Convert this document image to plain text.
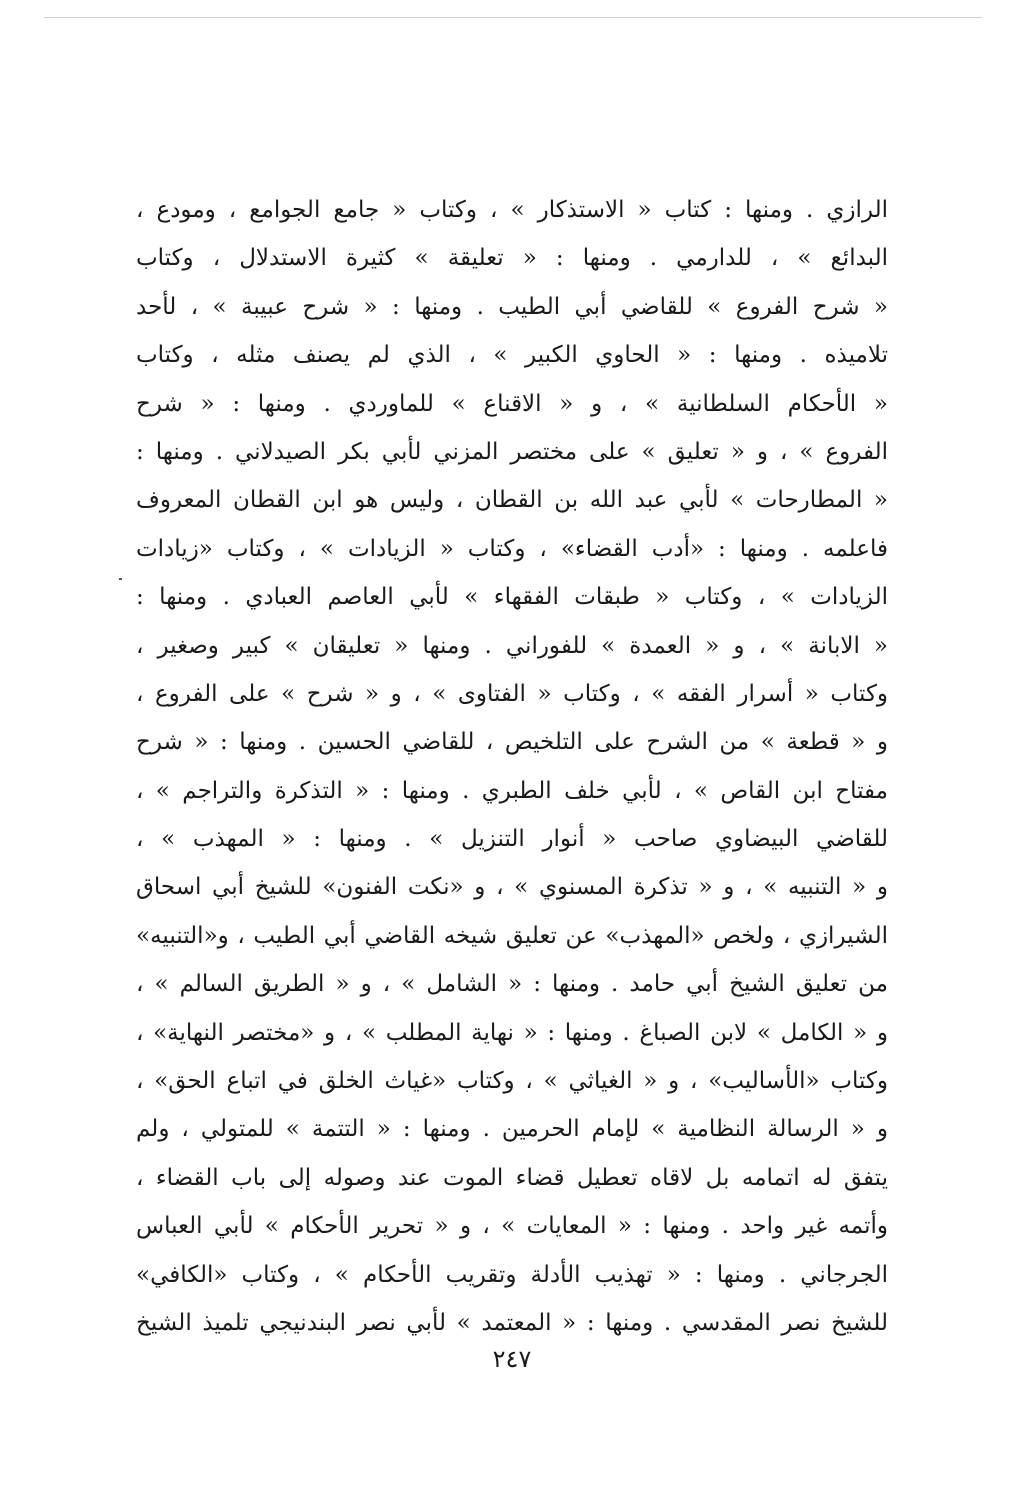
الرازي . ومنها : كتاب « الاستذكار » ، وكتاب « جامع الجوامع ، ومودع ،
البدائع » ، للدارمي . ومنها : « تعليقة » كثيرة الاستدلال ، وكتاب
« شرح الفروع » للقاضي أبي الطيب . ومنها : « شرح عبيبة » ، لأحد
تلاميذه . ومنها : « الحاوي الكبير » ، الذي لم يصنف مثله ، وكتاب
« الأحكام السلطانية » ، و « الاقناع » للماوردي . ومنها : « شرح
الفروع » ، و « تعليق » على مختصر المزني لأبي بكر الصيدلاني . ومنها :
« المطارحات » لأبي عبد الله بن القطان ، وليس هو ابن القطان المعروف
فاعلمه . ومنها : «أدب القضاء» ، وكتاب « الزيادات » ، وكتاب «زيادات
الزيادات » ، وكتاب « طبقات الفقهاء » لأبي العاصم العبادي . ومنها :
« الابانة » ، و « العمدة » للفوراني . ومنها « تعليقان » كبير وصغير ،
وكتاب « أسرار الفقه » ، وكتاب « الفتاوى » ، و « شرح » على الفروع ،
و « قطعة » من الشرح على التلخيص ، للقاضي الحسين . ومنها : « شرح
مفتاح ابن القاص » ، لأبي خلف الطبري . ومنها : « التذكرة والتراجم » ،
للقاضي البيضاوي صاحب « أنوار التنزيل » . ومنها : « المهذب » ،
و « التنبيه » ، و « تذكرة المسنوي » ، و «نكت الفنون» للشيخ أبي اسحاق
الشيرازي ، ولخص «المهذب» عن تعليق شيخه القاضي أبي الطيب ، و«التنبيه»
من تعليق الشيخ أبي حامد . ومنها : « الشامل » ، و « الطريق السالم » ،
و « الكامل » لابن الصباغ . ومنها : « نهاية المطلب » ، و «مختصر النهاية» ،
وكتاب «الأساليب» ، و « الغياثي » ، وكتاب «غياث الخلق في اتباع الحق» ،
و « الرسالة النظامية » لإمام الحرمين . ومنها : « التتمة » للمتولي ، ولم
يتفق له اتمامه بل لاقاه تعطيل قضاء الموت عند وصوله إلى باب القضاء ،
وأتمه غير واحد . ومنها : « المعايات » ، و « تحرير الأحكام » لأبي العباس
الجرجاني . ومنها : « تهذيب الأدلة وتقريب الأحكام » ، وكتاب «الكافي»
للشيخ نصر المقدسي . ومنها : « المعتمد » لأبي نصر البندنيجي تلميذ الشيخ
٢٤٧
